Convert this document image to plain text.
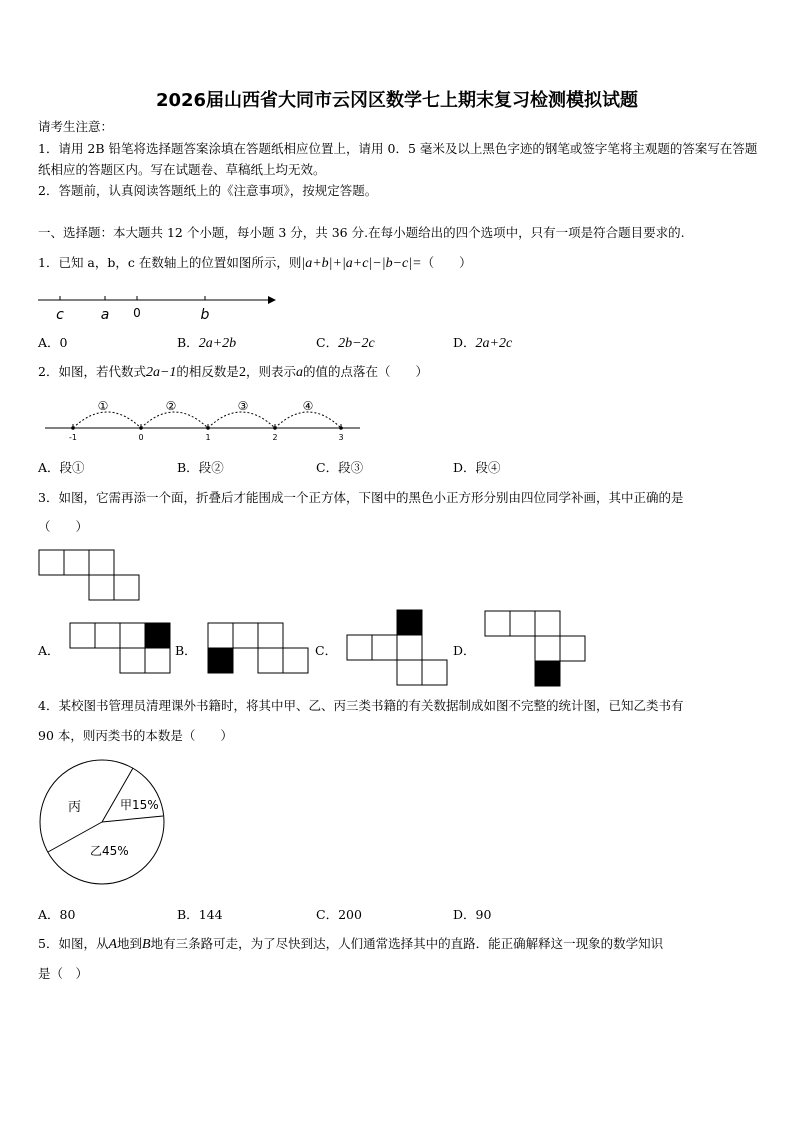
2026届山西省大同市云冈区数学七上期末复习检测模拟试题
请考生注意：
1．请用 2B 铅笔将选择题答案涂填在答题纸相应位置上，请用 0．5 毫米及以上黑色字迹的钢笔或签字笔将主观题的答案写在答题纸相应的答题区内。写在试题卷、草稿纸上均无效。
2．答题前，认真阅读答题纸上的《注意事项》，按规定答题。
一、选择题：本大题共 12 个小题，每小题 3 分，共 36 分.在每小题给出的四个选项中，只有一项是符合题目要求的.
1．已知 a，b，c 在数轴上的位置如图所示，则|a+b|+|a+c|−|b−c|=（　　）
c	a 0	b
A．0	B．2a+2b	C．2b−2c	D．2a+2c
2．如图，若代数式2a−1的相反数是2，则表示a的值的点落在（　　）
①	②	③	④
-1	0	1	2	3
A．段①	B．段②	C．段③	D．段④
3．如图，它需再添一个面，折叠后才能围成一个正方体，下图中的黑色小正方形分别由四位同学补画，其中正确的是
（　　）
A．	B．	C．	D．
4．某校图书管理员清理课外书籍时，将其中甲、乙、丙三类书籍的有关数据制成如图不完整的统计图，已知乙类书有
90 本，则丙类书的本数是（　　）
丙	甲15%
乙45%
A．80	B．144	C．200	D．90
5．如图，从A地到B地有三条路可走，为了尽快到达，人们通常选择其中的直路．能正确解释这一现象的数学知识
是（　）
